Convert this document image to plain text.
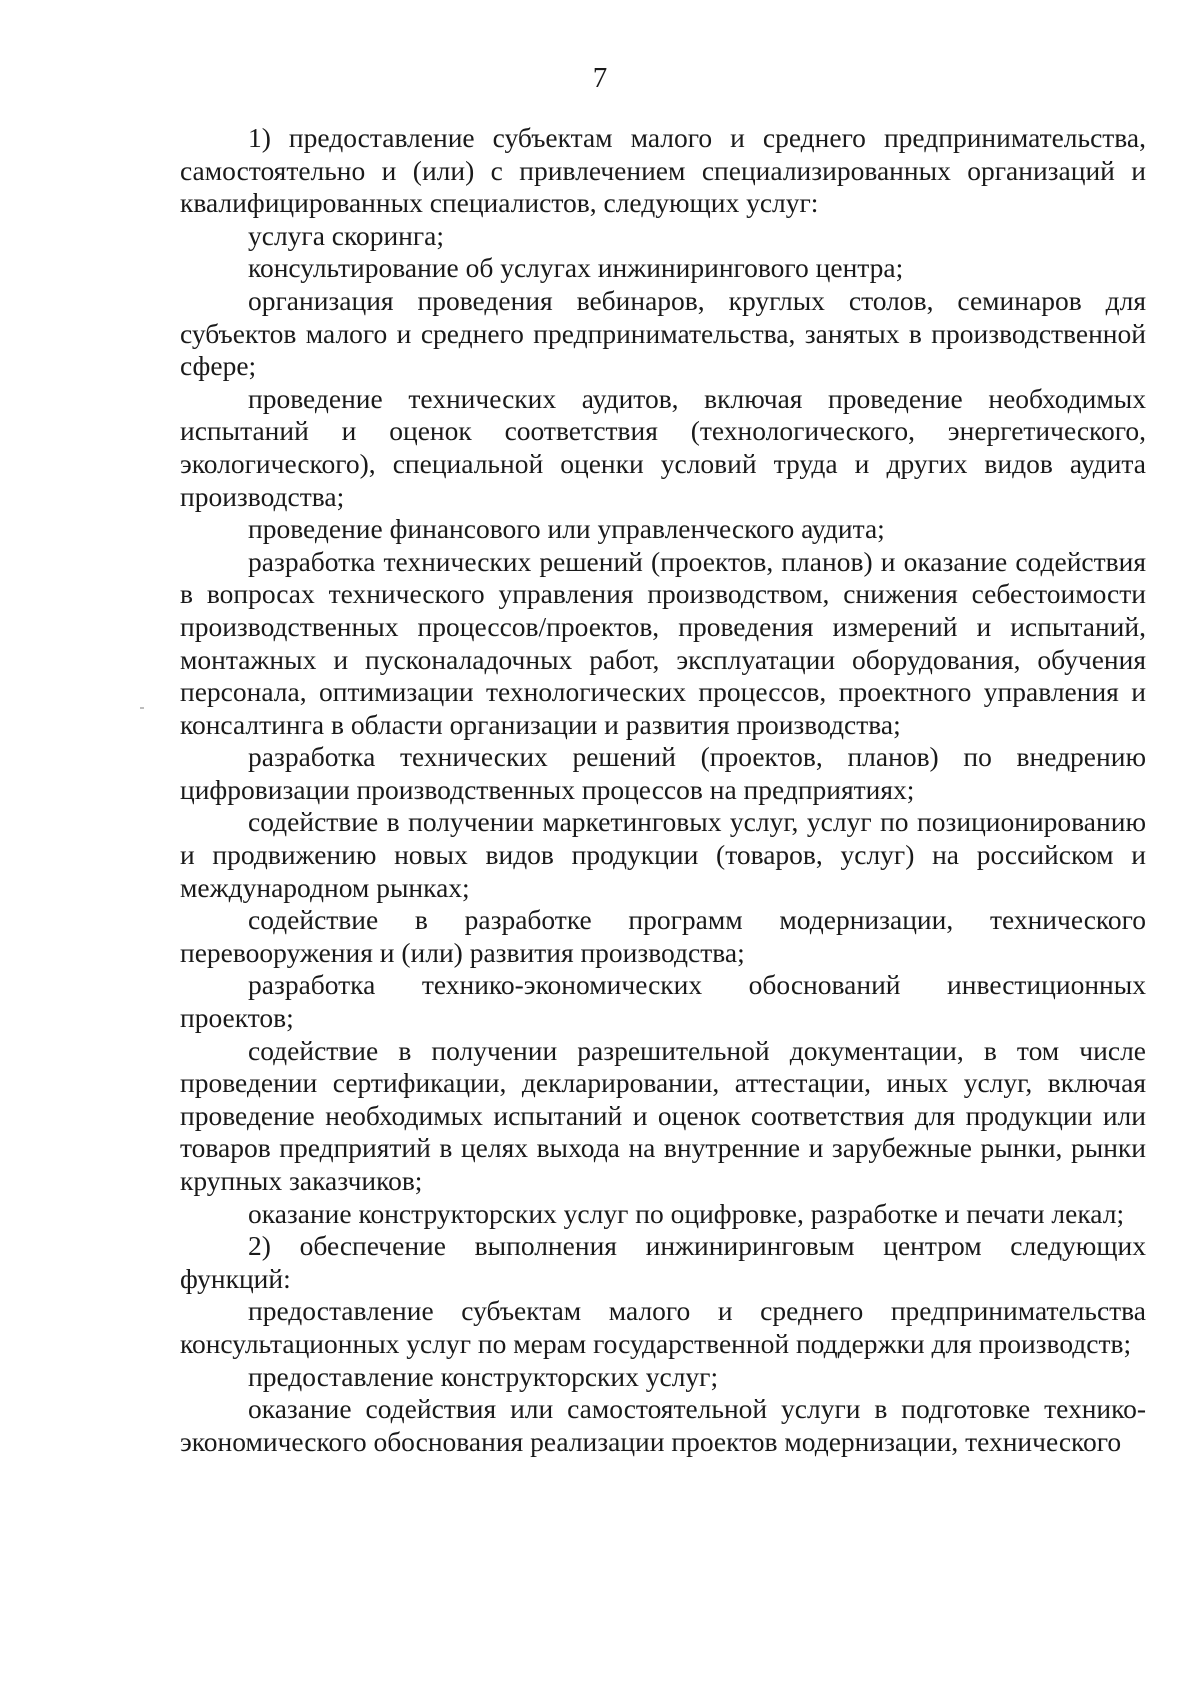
7

1) предоставление субъектам малого и среднего предпринимательства, самостоятельно и (или) с привлечением специализированных организаций и квалифицированных специалистов, следующих услуг:

услуга скоринга;

консультирование об услугах инжинирингового центра;

организация проведения вебинаров, круглых столов, семинаров для субъектов малого и среднего предпринимательства, занятых в производственной сфере;

проведение технических аудитов, включая проведение необходимых испытаний и оценок соответствия (технологического, энергетического, экологического), специальной оценки условий труда и других видов аудита производства;

проведение финансового или управленческого аудита;

разработка технических решений (проектов, планов) и оказание содействия в вопросах технического управления производством, снижения себестоимости производственных процессов/проектов, проведения измерений и испытаний, монтажных и пусконаладочных работ, эксплуатации оборудования, обучения персонала, оптимизации технологических процессов, проектного управления и консалтинга в области организации и развития производства;

разработка технических решений (проектов, планов) по внедрению цифровизации производственных процессов на предприятиях;

содействие в получении маркетинговых услуг, услуг по позиционированию и продвижению новых видов продукции (товаров, услуг) на российском и международном рынках;

содействие в разработке программ модернизации, технического перевооружения и (или) развития производства;

разработка технико-экономических обоснований инвестиционных проектов;

содействие в получении разрешительной документации, в том числе проведении сертификации, декларировании, аттестации, иных услуг, включая проведение необходимых испытаний и оценок соответствия для продукции или товаров предприятий в целях выхода на внутренние и зарубежные рынки, рынки крупных заказчиков;

оказание конструкторских услуг по оцифровке, разработке и печати лекал;

2) обеспечение выполнения инжиниринговым центром следующих функций:

предоставление субъектам малого и среднего предпринимательства консультационных услуг по мерам государственной поддержки для производств;

предоставление конструкторских услуг;

оказание содействия или самостоятельной услуги в подготовке технико-экономического обоснования реализации проектов модернизации, технического
